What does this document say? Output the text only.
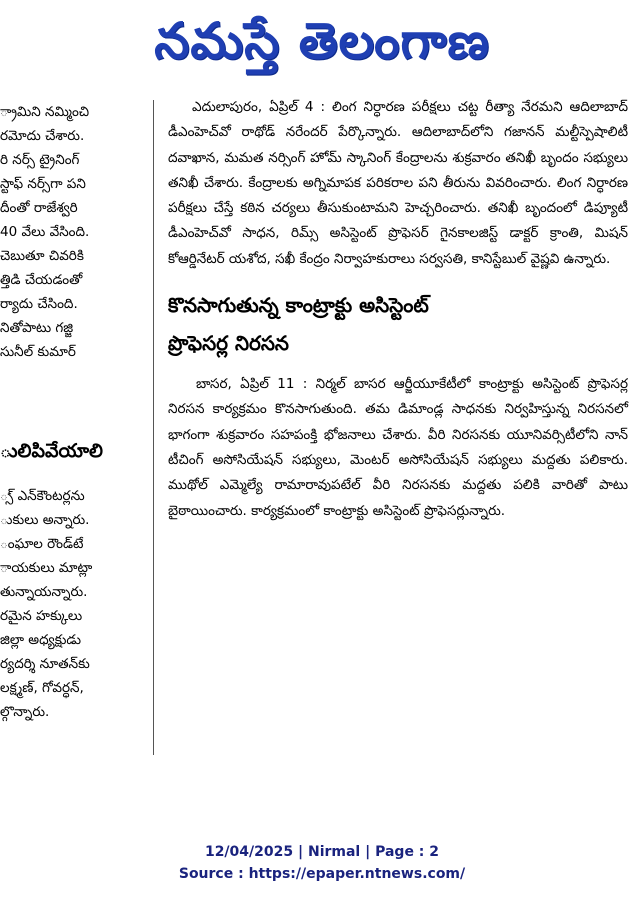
నమస్తే తెలంగాణ
్రామిని నమ్మించి
రమోదు చేశారు.
రి నర్స్ ట్రైనింగ్
స్టాఫ్ నర్స్‌గా పని
దీంతో రాజేశ్వరి
40 వేలు వేసింది.
చెబుతూ చివరికి
త్తిడి చేయడంతో
ర్యాదు చేసింది.
నితోపాటు గజ్జి
సునీల్ కుమార్
ులిపివేయాలి
్స్ ఎన్‌కౌంటర్లను
ుకులు అన్నారు.
ంఘాల రౌండ్‌టే
ాయకులు మాట్లా
తున్నాయన్నారు.
రమైన హక్కులు
జిల్లా అధ్యక్షుడు
ర్యదర్శి నూతన్‌కు
లక్ష్మణ్, గోవర్ధన్,
ల్గొన్నారు.

ఎదులాపురం, ఏప్రిల్ 4 : లింగ నిర్ధారణ పరీక్షలు చట్ట రీత్యా నేరమని ఆదిలాబాద్ డీఎంహెచ్‌వో రాథోడ్ నరేందర్ పేర్కొన్నారు. ఆదిలాబాద్‌లోని గజానన్ మల్టీస్పెషాలిటీ దవాఖాన, మమత నర్సింగ్ హోమ్ స్కానింగ్ కేంద్రాలను శుక్రవారం తనిఖీ బృందం సభ్యులు తనిఖీ చేశారు. కేంద్రాలకు అగ్నిమాపక పరికరాల పని తీరును వివరించారు. లింగ నిర్ధారణ పరీక్షలు చేస్తే కఠిన చర్యలు తీసుకుంటామని హెచ్చరించారు. తనిఖీ బృందంలో డిప్యూటీ డీఎంహెచ్‌వో సాధన, రిమ్స్ అసిస్టెంట్ ప్రొఫెసర్ గైనకాలజిస్ట్ డాక్టర్ క్రాంతి, మిషన్ కోఆర్డినేటర్ యశోద, సఖీ కేంద్రం నిర్వాహకురాలు సర్వసతి, కానిస్టేబుల్ వైష్ణవి ఉన్నారు.

కొనసాగుతున్న కాంట్రాక్టు అసిస్టెంట్
ప్రొఫెసర్ల నిరసన

బాసర, ఏప్రిల్ 11 : నిర్మల్ బాసర ఆర్జీయూకేటీలో కాంట్రాక్టు అసిస్టెంట్ ప్రొఫెసర్ల నిరసన కార్యక్రమం కొనసాగుతుంది. తమ డిమాండ్ల సాధనకు నిర్వహిస్తున్న నిరసనలో భాగంగా శుక్రవారం సహపంక్తి భోజనాలు చేశారు. వీరి నిరసనకు యూనివర్సిటీలోని నాన్ టీచింగ్ అసోసియేషన్ సభ్యులు, మెంటర్ అసోసియేషన్ సభ్యులు మద్దతు పలికారు. ముథోల్ ఎమ్మెల్యే రామారావుపటేల్ వీరి నిరసనకు మద్దతు పలికి వారితో పాటు బైఠాయించారు. కార్యక్రమంలో కాంట్రాక్టు అసిస్టెంట్ ప్రొఫెసర్లున్నారు.

12/04/2025 | Nirmal | Page : 2
Source : https://epaper.ntnews.com/
